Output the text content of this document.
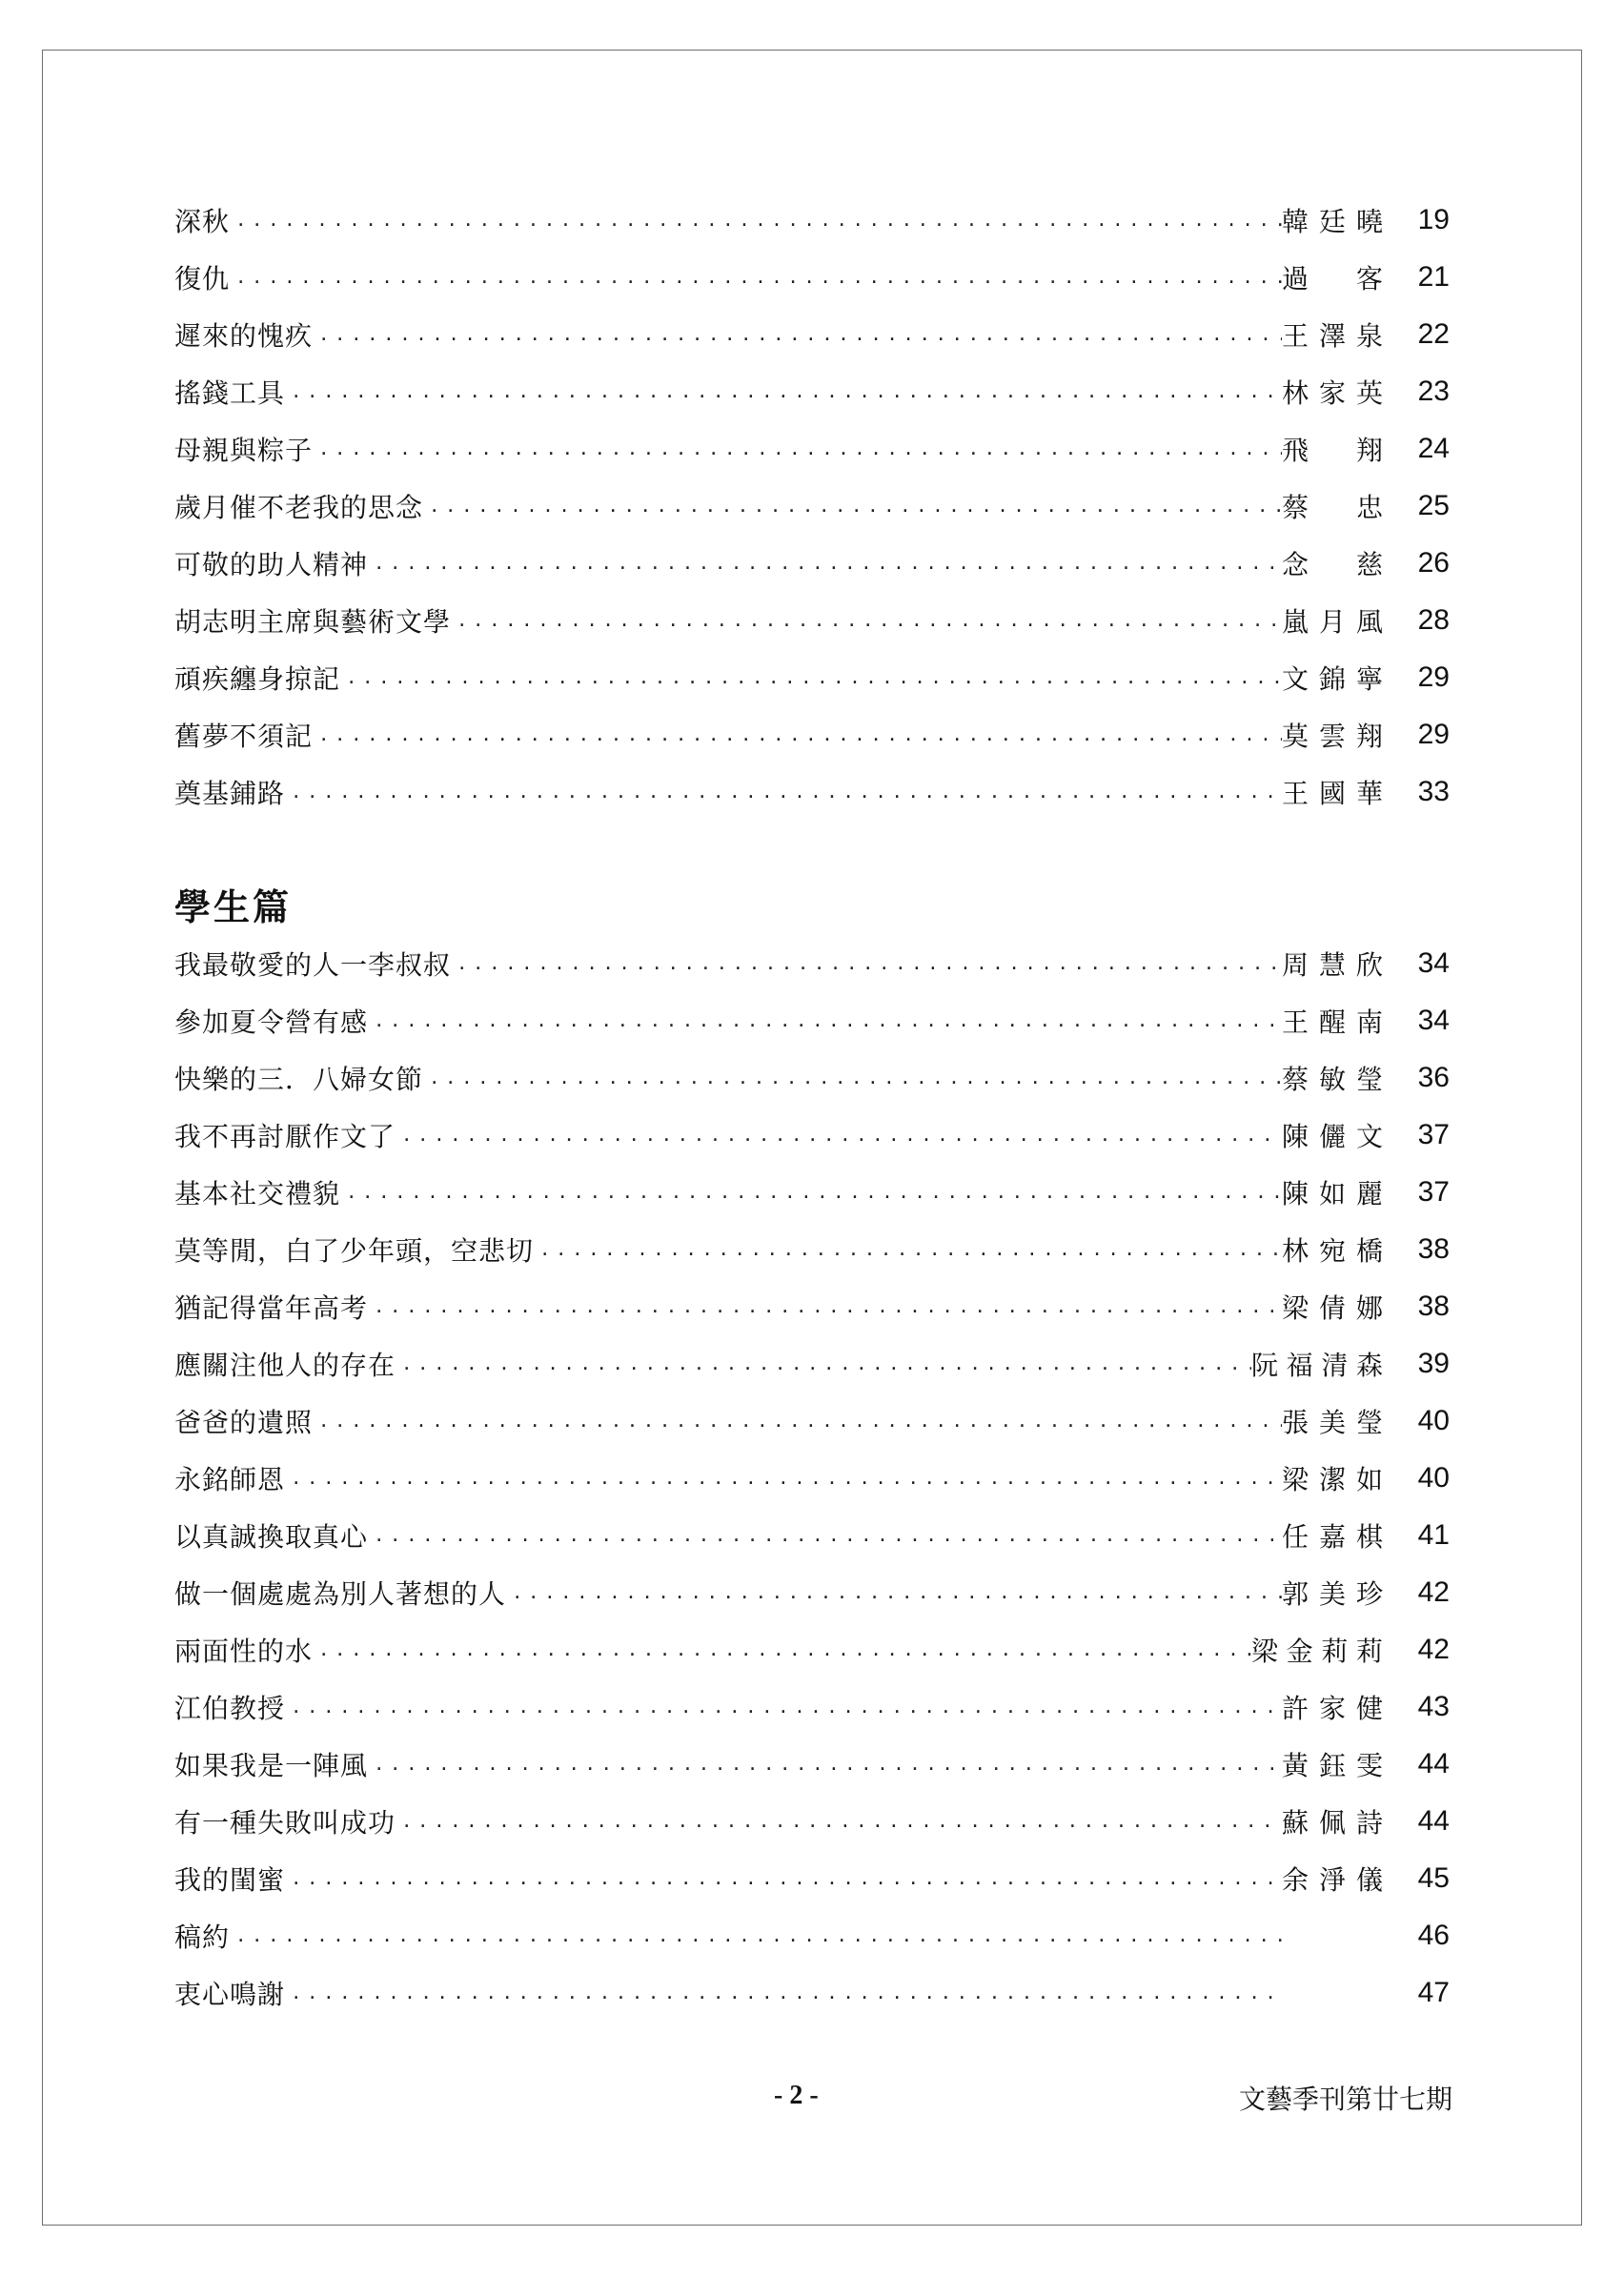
深秋 .....	韓廷曉	19
復仇 .....	過　客	21
遲來的愧疚 .....	王澤泉	22
搖錢工具 .....	林家英	23
母親與粽子 .....	飛　翔	24
歲月催不老我的思念 .....	蔡　忠	25
可敬的助人精神 .....	念　慈	26
胡志明主席與藝術文學 .....	嵐月風	28
頑疾纏身掠記 .....	文錦寧	29
舊夢不須記 .....	莫雲翔	29
奠基鋪路 .....	王國華	33
學生篇
我最敬愛的人一李叔叔 .....	周慧欣	34
參加夏令營有感 .....	王醒南	34
快樂的三．八婦女節 .....	蔡敏瑩	36
我不再討厭作文了 .....	陳儷文	37
基本社交禮貌 .....	陳如麗	37
莫等閒，白了少年頭，空悲切 .....	林宛橋	38
猶記得當年高考 .....	梁倩娜	38
應關注他人的存在 .....	阮福清森	39
爸爸的遺照 .....	張美瑩	40
永銘師恩 .....	梁潔如	40
以真誠換取真心 .....	任嘉棋	41
做一個處處為別人著想的人 .....	郭美珍	42
兩面性的水 .....	梁金莉莉	42
江伯教授 .....	許家健	43
如果我是一陣風 .....	黃鈺雯	44
有一種失敗叫成功 .....	蘇佩詩	44
我的閨蜜 .....	余淨儀	45
稿約 .....	46
衷心鳴謝 .....	47
- 2 -	文藝季刊第廿七期
